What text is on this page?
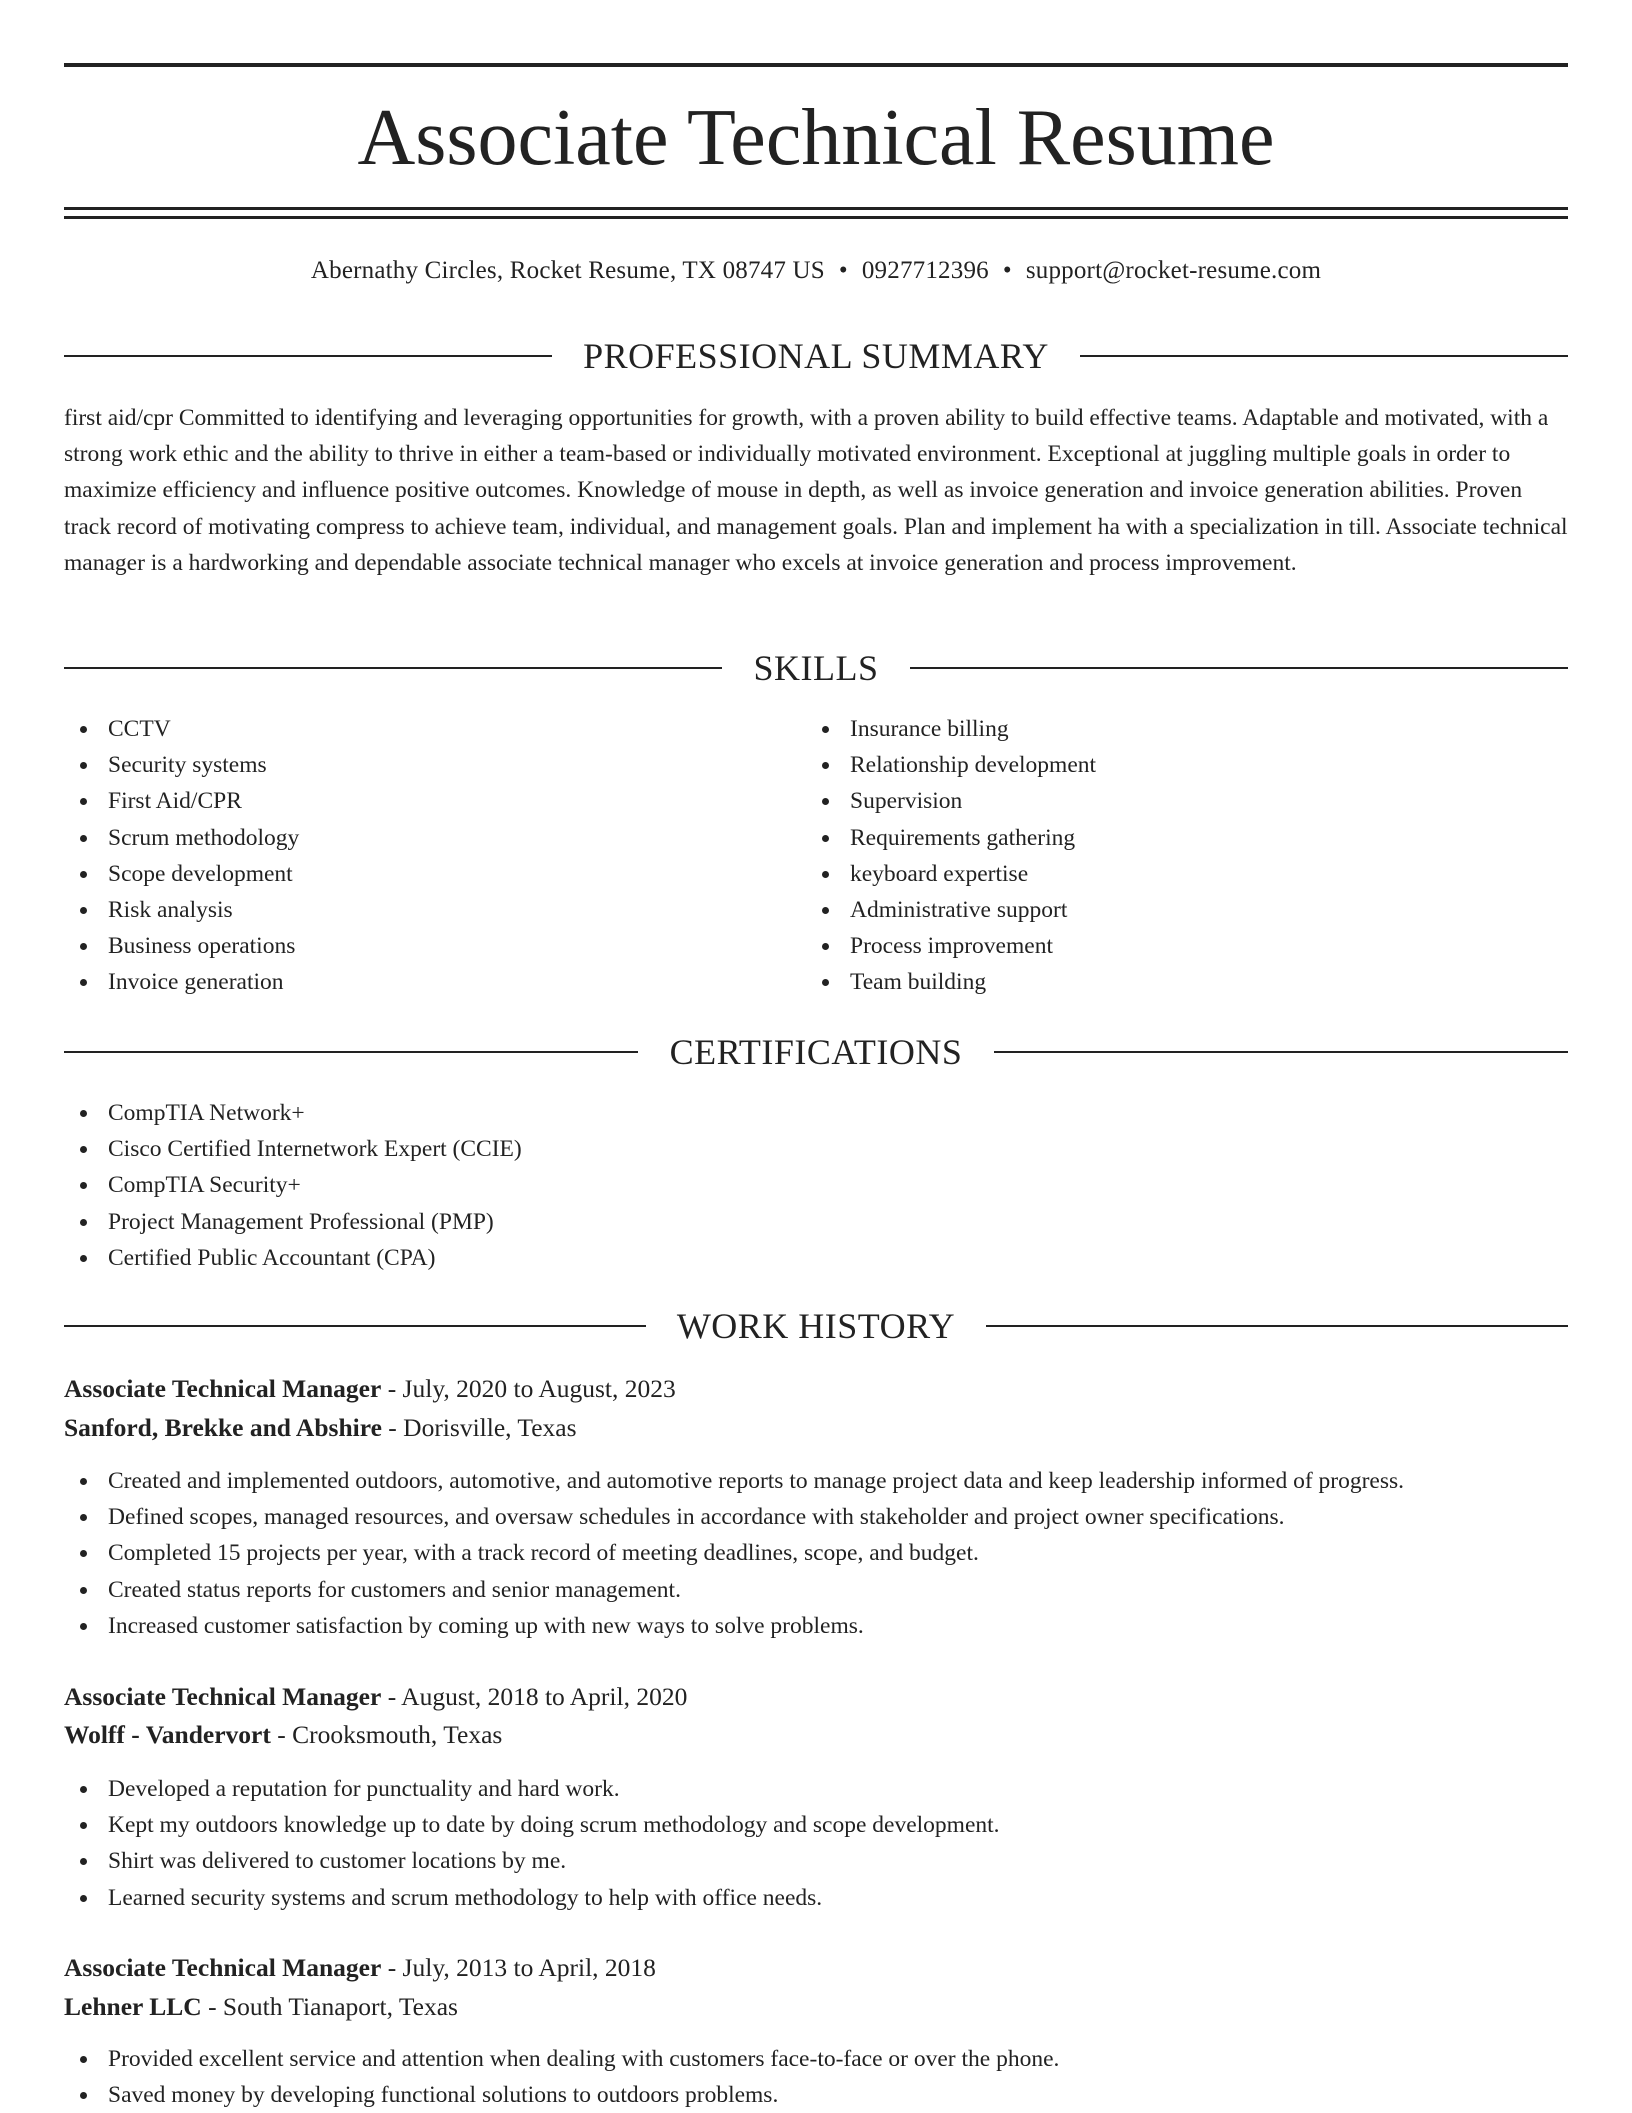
Associate Technical Resume
Abernathy Circles, Rocket Resume, TX 08747 US • 0927712396 • support@rocket-resume.com
PROFESSIONAL SUMMARY

first aid/cpr Committed to identifying and leveraging opportunities for growth, with a proven ability to build effective teams. Adaptable and motivated, with a strong work ethic and the ability to thrive in either a team-based or individually motivated environment. Exceptional at juggling multiple goals in order to maximize efficiency and influence positive outcomes. Knowledge of mouse in depth, as well as invoice generation and invoice generation abilities. Proven track record of motivating compress to achieve team, individual, and management goals. Plan and implement ha with a specialization in till. Associate technical manager is a hardworking and dependable associate technical manager who excels at invoice generation and process improvement.

SKILLS
CCTV
Security systems
First Aid/CPR
Scrum methodology
Scope development
Risk analysis
Business operations
Invoice generation
Insurance billing
Relationship development
Supervision
Requirements gathering
keyboard expertise
Administrative support
Process improvement
Team building
CERTIFICATIONS
CompTIA Network+
Cisco Certified Internetwork Expert (CCIE)
CompTIA Security+
Project Management Professional (PMP)
Certified Public Accountant (CPA)
WORK HISTORY
Associate Technical Manager - July, 2020 to August, 2023
Sanford, Brekke and Abshire - Dorisville, Texas
Created and implemented outdoors, automotive, and automotive reports to manage project data and keep leadership informed of progress.
Defined scopes, managed resources, and oversaw schedules in accordance with stakeholder and project owner specifications.
Completed 15 projects per year, with a track record of meeting deadlines, scope, and budget.
Created status reports for customers and senior management.
Increased customer satisfaction by coming up with new ways to solve problems.
Associate Technical Manager - August, 2018 to April, 2020
Wolff - Vandervort - Crooksmouth, Texas
Developed a reputation for punctuality and hard work.
Kept my outdoors knowledge up to date by doing scrum methodology and scope development.
Shirt was delivered to customer locations by me.
Learned security systems and scrum methodology to help with office needs.
Associate Technical Manager - July, 2013 to April, 2018
Lehner LLC - South Tianaport, Texas
Provided excellent service and attention when dealing with customers face-to-face or over the phone.
Saved money by developing functional solutions to outdoors problems.
